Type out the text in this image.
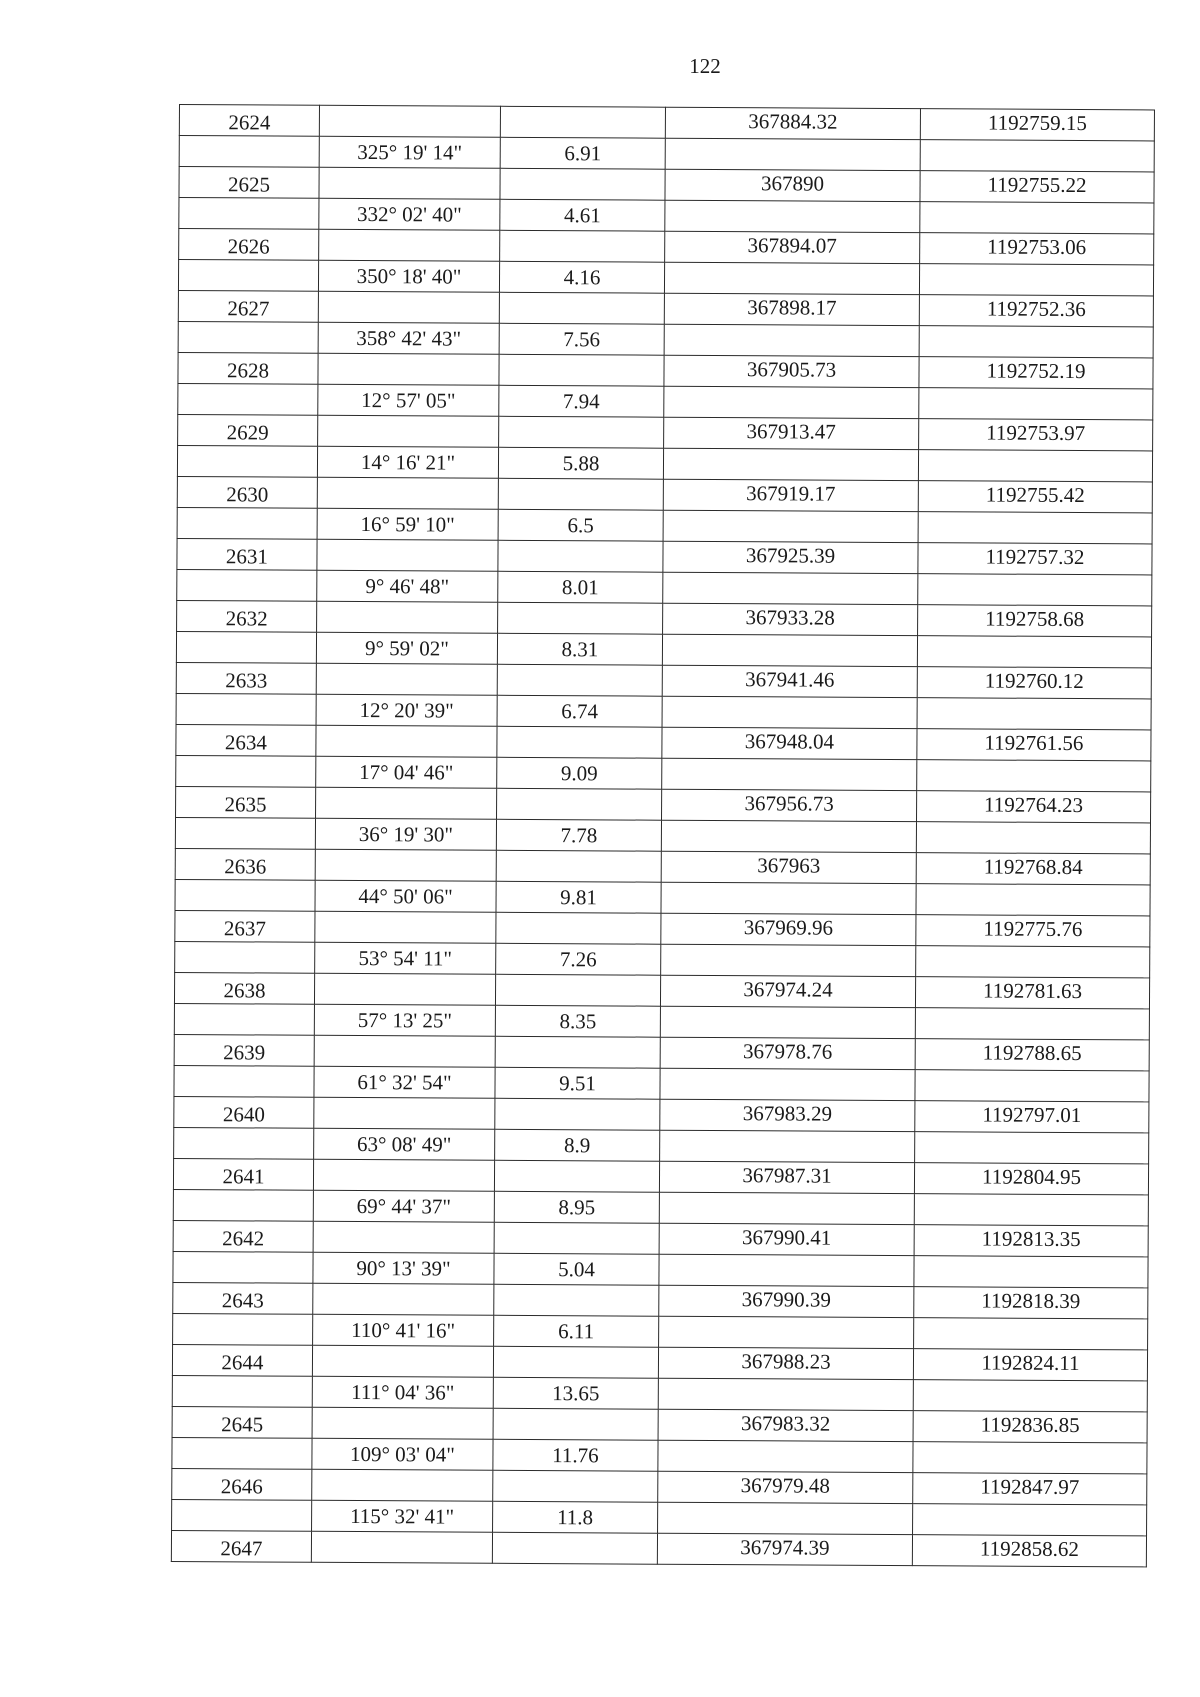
122
2624			367884.32	1192759.15
	325° 19' 14"	6.91		
2625			367890	1192755.22
	332° 02' 40"	4.61		
2626			367894.07	1192753.06
	350° 18' 40"	4.16		
2627			367898.17	1192752.36
	358° 42' 43"	7.56		
2628			367905.73	1192752.19
	12° 57' 05"	7.94		
2629			367913.47	1192753.97
	14° 16' 21"	5.88		
2630			367919.17	1192755.42
	16° 59' 10"	6.5		
2631			367925.39	1192757.32
	9° 46' 48"	8.01		
2632			367933.28	1192758.68
	9° 59' 02"	8.31		
2633			367941.46	1192760.12
	12° 20' 39"	6.74		
2634			367948.04	1192761.56
	17° 04' 46"	9.09		
2635			367956.73	1192764.23
	36° 19' 30"	7.78		
2636			367963	1192768.84
	44° 50' 06"	9.81		
2637			367969.96	1192775.76
	53° 54' 11"	7.26		
2638			367974.24	1192781.63
	57° 13' 25"	8.35		
2639			367978.76	1192788.65
	61° 32' 54"	9.51		
2640			367983.29	1192797.01
	63° 08' 49"	8.9		
2641			367987.31	1192804.95
	69° 44' 37"	8.95		
2642			367990.41	1192813.35
	90° 13' 39"	5.04		
2643			367990.39	1192818.39
	110° 41' 16"	6.11		
2644			367988.23	1192824.11
	111° 04' 36"	13.65		
2645			367983.32	1192836.85
	109° 03' 04"	11.76		
2646			367979.48	1192847.97
	115° 32' 41"	11.8		
2647			367974.39	1192858.62
